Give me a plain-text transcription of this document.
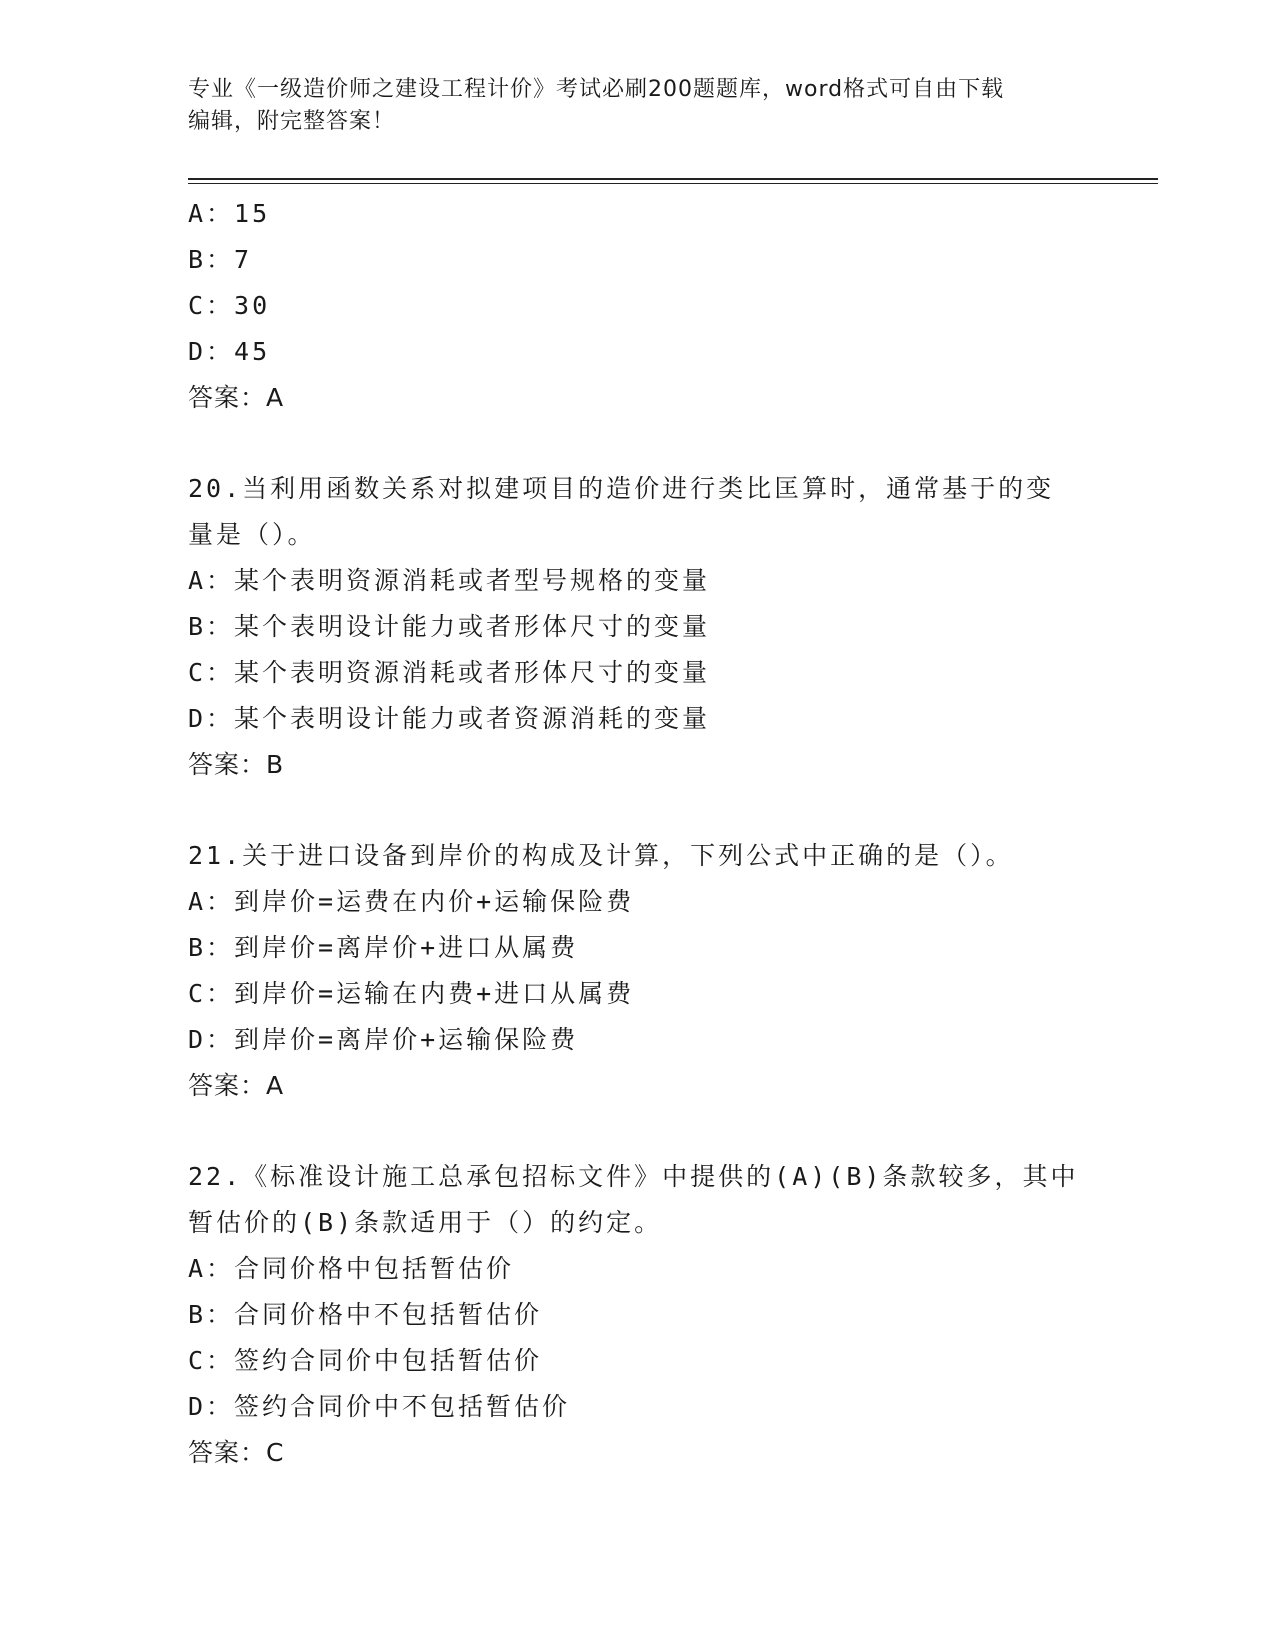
专业《一级造价师之建设工程计价》考试必刷200题题库，word格式可自由下载
编辑，附完整答案！
A：15
B：7
C：30
D：45
答案：A
20.当利用函数关系对拟建项目的造价进行类比匡算时，通常基于的变
量是（）。
A：某个表明资源消耗或者型号规格的变量
B：某个表明设计能力或者形体尺寸的变量
C：某个表明资源消耗或者形体尺寸的变量
D：某个表明设计能力或者资源消耗的变量
答案：B
21.关于进口设备到岸价的构成及计算，下列公式中正确的是（）。
A：到岸价=运费在内价+运输保险费
B：到岸价=离岸价+进口从属费
C：到岸价=运输在内费+进口从属费
D：到岸价=离岸价+运输保险费
答案：A
22.《标准设计施工总承包招标文件》中提供的(A)(B)条款较多，其中
暂估价的(B)条款适用于（）的约定。
A：合同价格中包括暂估价
B：合同价格中不包括暂估价
C：签约合同价中包括暂估价
D：签约合同价中不包括暂估价
答案：C
